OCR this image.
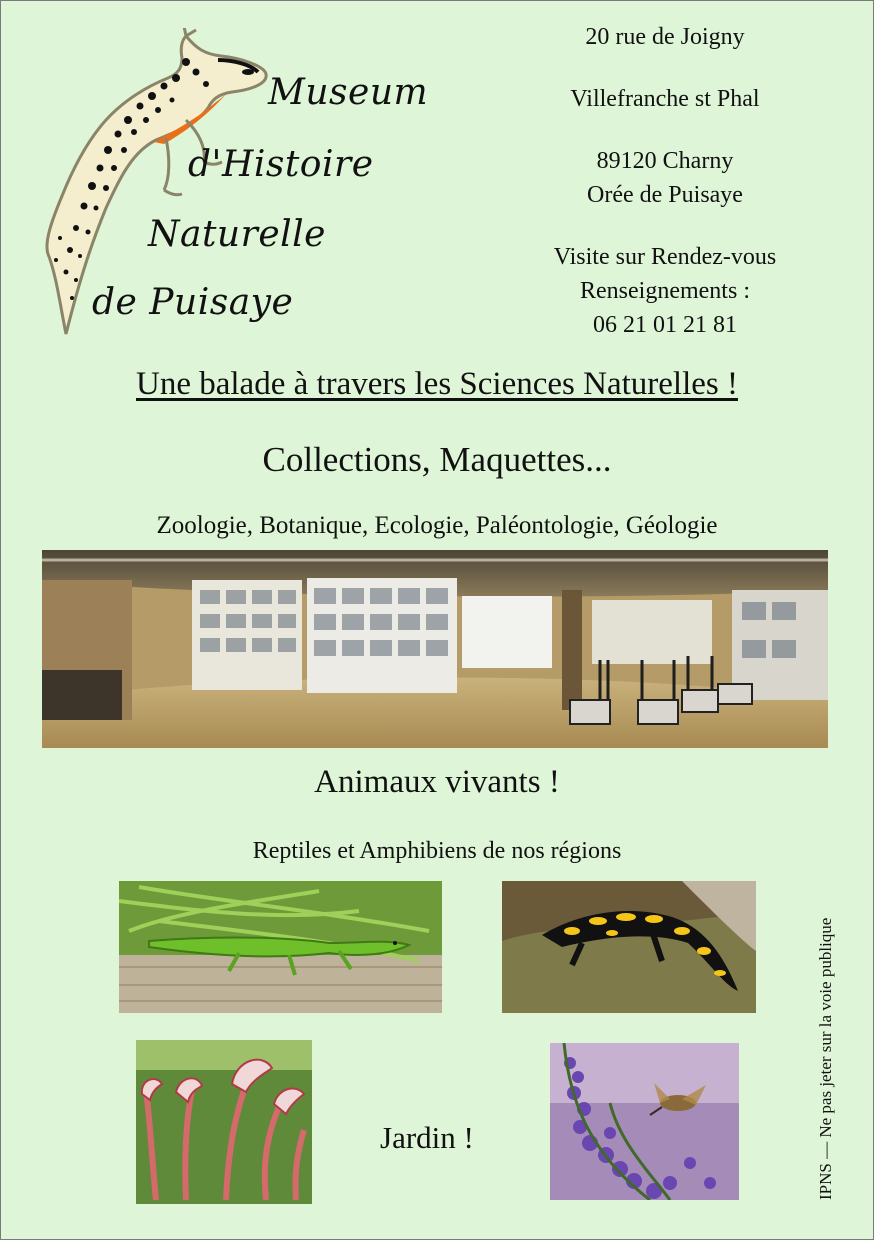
Museum
d'Histoire
Naturelle
de Puisaye
20 rue de Joigny
Villefranche st Phal
89120 Charny
Orée de Puisaye
Visite sur Rendez-vous
Renseignements :
06 21 01 21 81
Une balade à travers les Sciences Naturelles !
Collections, Maquettes...
Zoologie, Botanique, Ecologie, Paléontologie, Géologie
Animaux vivants !
Reptiles et Amphibiens de nos régions
Jardin !	IPNS — Ne pas jeter sur la voie publique
